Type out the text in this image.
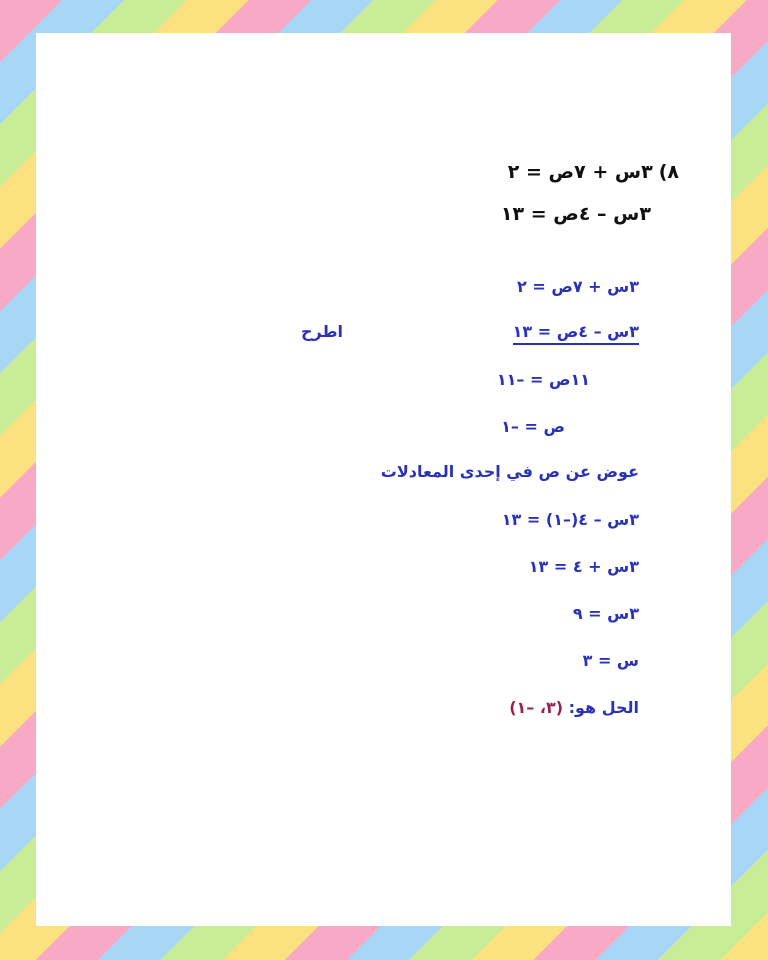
٨)٣س + ٧ص = ٢
٣س – ٤ص = ١٣
٣س + ٧ص = ٢
٣س – ٤ص = ١٣
اطرح
١١ص = –١١
ص = –١
عوض عن ص في إحدى المعادلات
٣س – ٤(–١) = ١٣
٣س + ٤ = ١٣
٣س = ٩
س = ٣
الحل هو: (٣، –١)
